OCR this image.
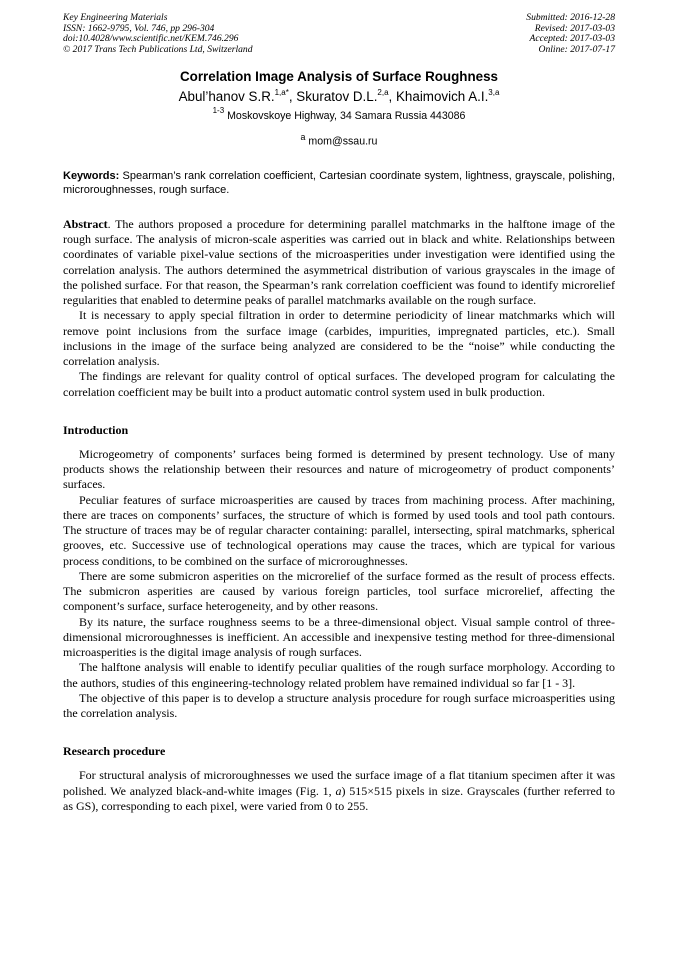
Key Engineering Materials
ISSN: 1662-9795, Vol. 746, pp 296-304
doi:10.4028/www.scientific.net/KEM.746.296
© 2017 Trans Tech Publications Ltd, Switzerland
Submitted: 2016-12-28
Revised: 2017-03-03
Accepted: 2017-03-03
Online: 2017-07-17
Correlation Image Analysis of Surface Roughness
Abul’hanov S.R.$^{1,a*}$, Skuratov D.L.$^{2,a}$, Khaimovich A.I.$^{3,a}$
$^{1-3}$ Moskovskoye Highway, 34 Samara Russia 443086
$^a$ mom@ssau.ru
Keywords: Spearman’s rank correlation coefficient, Cartesian coordinate system, lightness, grayscale, polishing, microroughnesses, rough surface.

Abstract. The authors proposed a procedure for determining parallel matchmarks in the halftone image of the rough surface. The analysis of micron-scale asperities was carried out in black and white. Relationships between coordinates of variable pixel-value sections of the microasperities under investigation were identified using the correlation analysis. The authors determined the asymmetrical distribution of various grayscales in the image of the polished surface. For that reason, the Spearman’s rank correlation coefficient was found to identify microrelief regularities that enabled to determine peaks of parallel matchmarks available on the rough surface.

It is necessary to apply special filtration in order to determine periodicity of linear matchmarks which will remove point inclusions from the surface image (carbides, impurities, impregnated particles, etc.). Small inclusions in the image of the surface being analyzed are considered to be the “noise” while conducting the correlation analysis.

The findings are relevant for quality control of optical surfaces. The developed program for calculating the correlation coefficient may be built into a product automatic control system used in bulk production.

Introduction

Microgeometry of components’ surfaces being formed is determined by present technology. Use of many products shows the relationship between their resources and nature of microgeometry of product components’ surfaces.

Peculiar features of surface microasperities are caused by traces from machining process. After machining, there are traces on components’ surfaces, the structure of which is formed by used tools and tool path contours. The structure of traces may be of regular character containing: parallel, intersecting, spiral matchmarks, spherical grooves, etc. Successive use of technological operations may cause the traces, which are typical for various process conditions, to be combined on the surface of microroughnesses.

There are some submicron asperities on the microrelief of the surface formed as the result of process effects. The submicron asperities are caused by various foreign particles, tool surface microrelief, affecting the component’s surface, surface heterogeneity, and by other reasons.

By its nature, the surface roughness seems to be a three-dimensional object. Visual sample control of three-dimensional microroughnesses is inefficient. An accessible and inexpensive testing method for three-dimensional microasperities is the digital image analysis of rough surfaces.

The halftone analysis will enable to identify peculiar qualities of the rough surface morphology. According to the authors, studies of this engineering-technology related problem have remained individual so far [1 - 3].

The objective of this paper is to develop a structure analysis procedure for rough surface microasperities using the correlation analysis.

Research procedure

For structural analysis of microroughnesses we used the surface image of a flat titanium specimen after it was polished. We analyzed black-and-white images (Fig. 1, a) 515×515 pixels in size. Grayscales (further referred to as GS), corresponding to each pixel, were varied from 0 to 255.
